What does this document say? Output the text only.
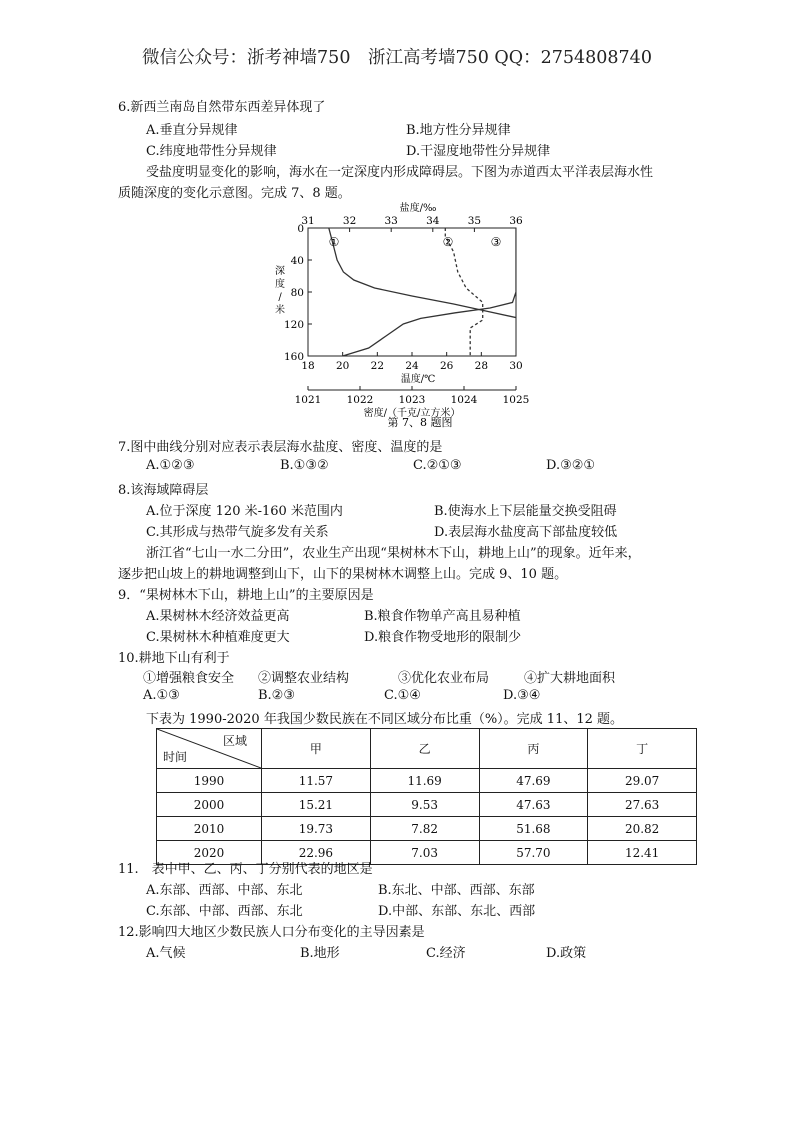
微信公众号：浙考神墙750　浙江高考墙750 QQ：2754808740
6.新西兰南岛自然带东西差异体现了
A.垂直分异规律	B.地方性分异规律
C.纬度地带性分异规律	D.干湿度地带性分异规律
受盐度明显变化的影响，海水在一定深度内形成障碍层。下图为赤道西太平洋表层海水性
质随深度的变化示意图。完成 7、8 题。
31	32	33	34	35	36
盐度/‰
0
40
80
120
160
深
度
/
米
18 20 22 24 26 28 30
温度/℃
1021 1022 1023 1024 1025
密度/（千克/立方米）
①	②	③
第 7、8 题图
7.图中曲线分别对应表示表层海水盐度、密度、温度的是
A.①②③	B.①③②	C.②①③	D.③②①
8.该海域障碍层
A.位于深度 120 米-160 米范围内	B.使海水上下层能量交换受阻碍
C.其形成与热带气旋多发有关系	D.表层海水盐度高下部盐度较低
浙江省“七山一水二分田”，农业生产出现“果树林木下山，耕地上山”的现象。近年来，
逐步把山坡上的耕地调整到山下，山下的果树林木调整上山。完成 9、10 题。
9．“果树林木下山，耕地上山”的主要原因是
A.果树林木经济效益更高	B.粮食作物单产高且易种植
C.果树林木种植难度更大	D.粮食作物受地形的限制少
10.耕地下山有利于
①增强粮食安全 ②调整农业结构	③优化农业布局	④扩大耕地面积
A.①③	B.②③	C.①④	D.③④
下表为 1990-2020 年我国少数民族在不同区域分布比重（%）。完成 11、12 题。
区域
时间	甲	乙	丙	丁
1990	11.57	11.69	47.69	29.07
2000	15.21	9.53	47.63	27.63
2010	19.73	7.82	51.68	20.82
2020	22.96	7.03	57.70	12.41
11.　表中甲、乙、丙、丁分别代表的地区是
A.东部、西部、中部、东北	B.东北、中部、西部、东部
C.东部、中部、西部、东北	D.中部、东部、东北、西部
12.影响四大地区少数民族人口分布变化的主导因素是
A.气候	B.地形	C.经济	D.政策
